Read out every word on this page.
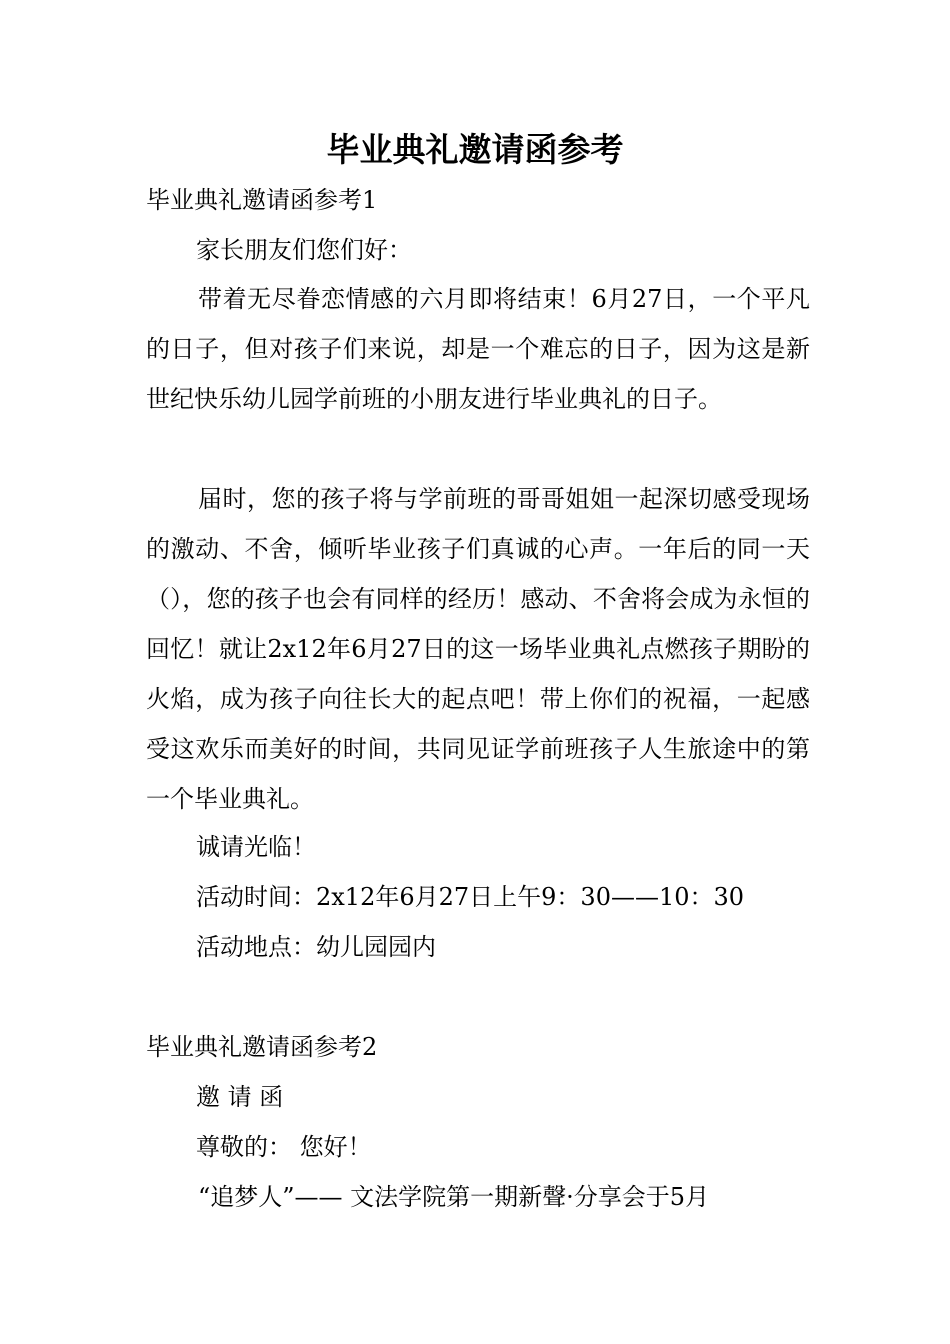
毕业典礼邀请函参考

毕业典礼邀请函参考1

家长朋友们您们好：

带着无尽眷恋情感的六月即将结束！6月27日，一个平凡的日子，但对孩子们来说，却是一个难忘的日子，因为这是新世纪快乐幼儿园学前班的小朋友进行毕业典礼的日子。

届时，您的孩子将与学前班的哥哥姐姐一起深切感受现场的激动、不舍，倾听毕业孩子们真诚的心声。一年后的同一天（），您的孩子也会有同样的经历！感动、不舍将会成为永恒的回忆！就让2x12年6月27日的这一场毕业典礼点燃孩子期盼的火焰，成为孩子向往长大的起点吧！带上你们的祝福，一起感受这欢乐而美好的时间，共同见证学前班孩子人生旅途中的第一个毕业典礼。

诚请光临！

活动时间：2x12年6月27日上午9：30——10：30

活动地点：幼儿园园内

毕业典礼邀请函参考2

邀 请 函

尊敬的： 您好！

“追梦人”—— 文法学院第一期新聲·分享会于5月
